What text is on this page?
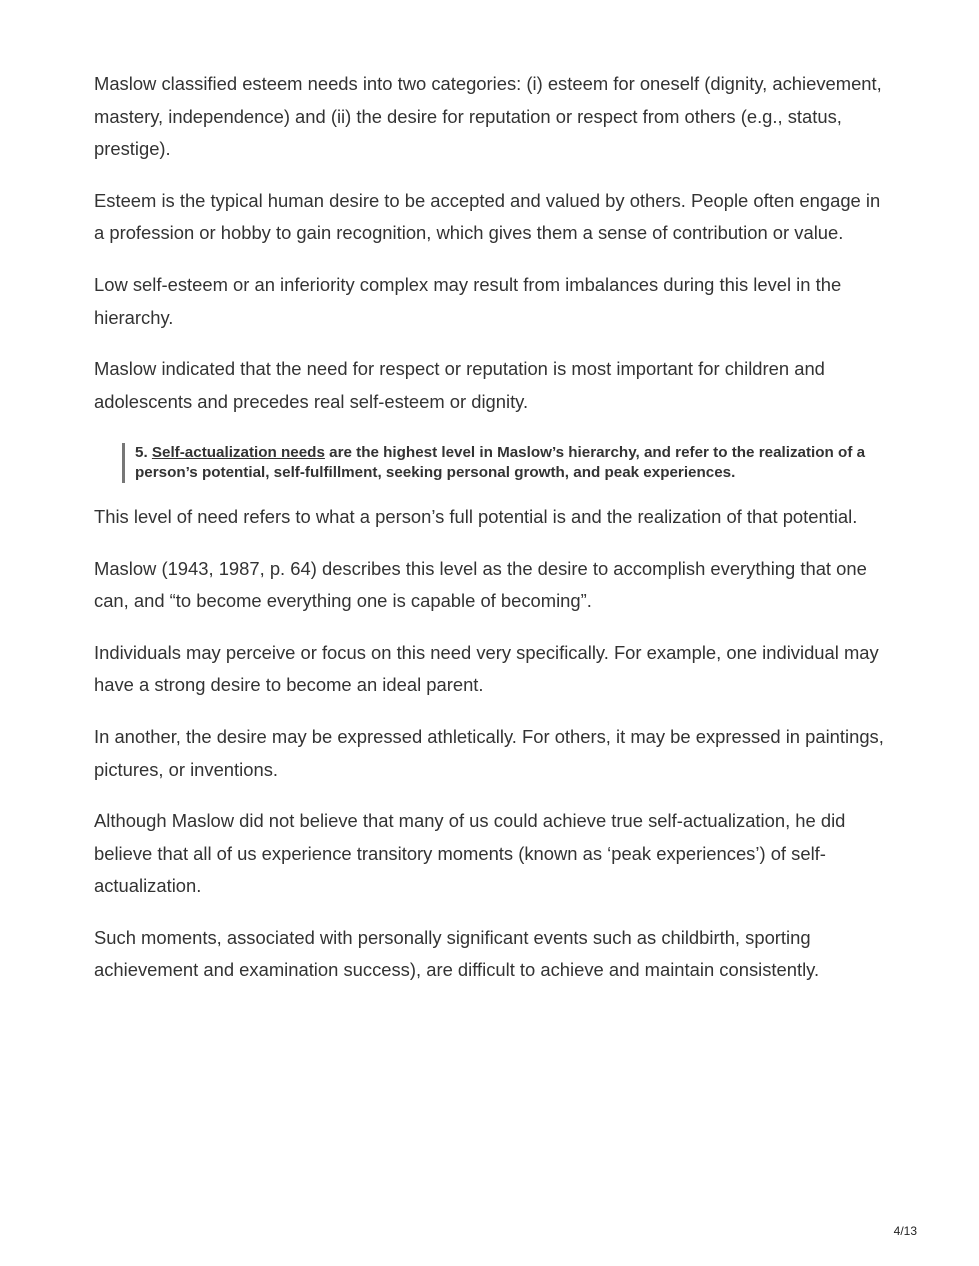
Maslow classified esteem needs into two categories: (i) esteem for oneself (dignity, achievement, mastery, independence) and (ii) the desire for reputation or respect from others (e.g., status, prestige).

Esteem is the typical human desire to be accepted and valued by others. People often engage in a profession or hobby to gain recognition, which gives them a sense of contribution or value.

Low self-esteem or an inferiority complex may result from imbalances during this level in the hierarchy.

Maslow indicated that the need for respect or reputation is most important for children and adolescents and precedes real self-esteem or dignity.

5. Self-actualization needs are the highest level in Maslow’s hierarchy, and refer to the realization of a person’s potential, self-fulfillment, seeking personal growth, and peak experiences.

This level of need refers to what a person’s full potential is and the realization of that potential.

Maslow (1943, 1987, p. 64) describes this level as the desire to accomplish everything that one can, and “to become everything one is capable of becoming”.

Individuals may perceive or focus on this need very specifically. For example, one individual may have a strong desire to become an ideal parent.

In another, the desire may be expressed athletically. For others, it may be expressed in paintings, pictures, or inventions.

Although Maslow did not believe that many of us could achieve true self-actualization, he did believe that all of us experience transitory moments (known as ‘peak experiences’) of self-actualization.

Such moments, associated with personally significant events such as childbirth, sporting achievement and examination success), are difficult to achieve and maintain consistently.

4/13
